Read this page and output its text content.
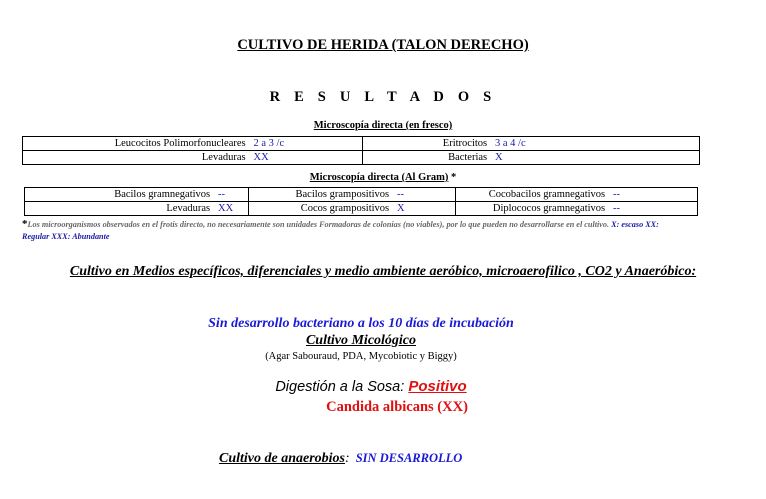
CULTIVO DE HERIDA (TALON DERECHO)
R E S U L T A D O S
Microscopía directa (en fresco)
Leucocitos Polimorfonucleares 2 a 3 /c	Eritrocitos 3 a 4 /c
Levaduras XX	Bacterias X
Microscopía directa (Al Gram) *
Bacilos gramnegativos --	Bacilos grampositivos --	Cocobacilos gramnegativos --
Levaduras XX	Cocos grampositivos X	Diplococos gramnegativos --
*Los microorganismos observados en el frotis directo, no necesariamente son unidades Formadoras de colonias (no viables), por lo que pueden no desarrollarse en el cultivo. X: escaso XX: Regular XXX: Abundante
Cultivo en Medios específicos, diferenciales y medio ambiente aeróbico, microaerofilico , CO2 y Anaeróbico:
Sin desarrollo bacteriano a los 10 días de incubación
Cultivo Micológico
(Agar Sabouraud, PDA, Mycobiotic y Biggy)
Digestión a la Sosa: Positivo
Candida albicans (XX)
Cultivo de anaerobios: SIN DESARROLLO
